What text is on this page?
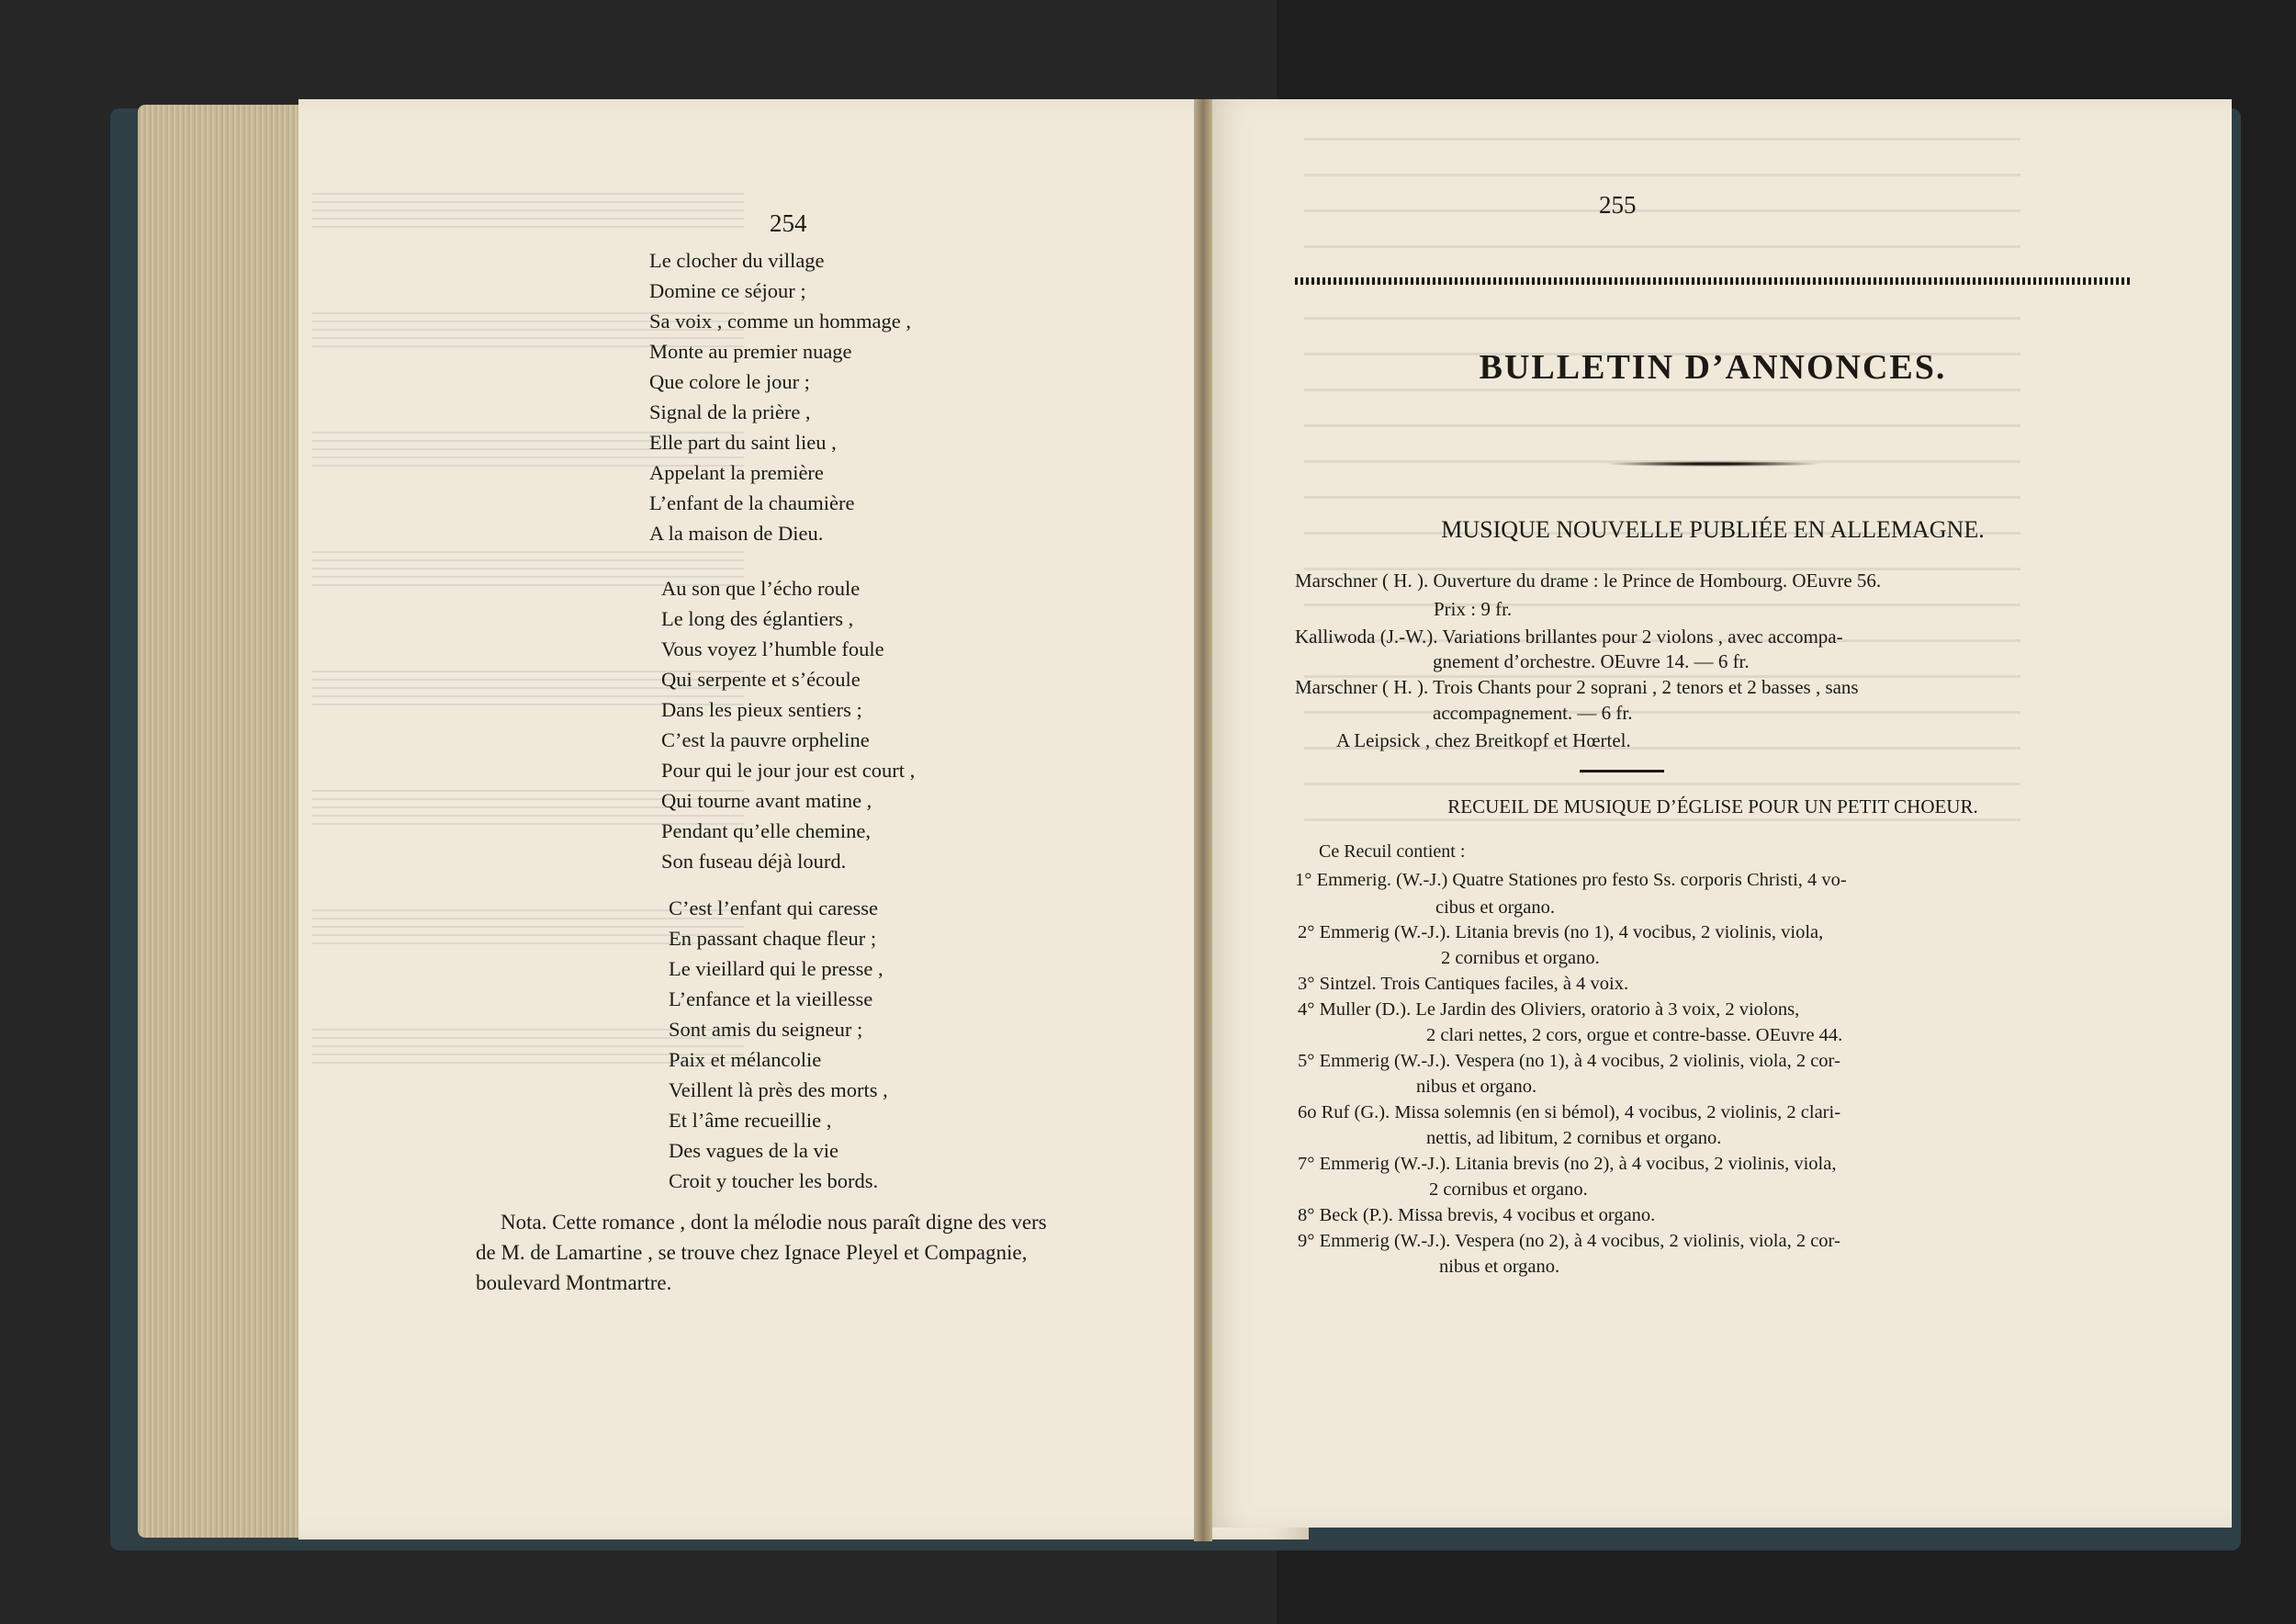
254
Le clocher du village
Domine ce séjour ;
Sa voix , comme un hommage ,
Monte au premier nuage
Que colore le jour ;
Signal de la prière ,
Elle part du saint lieu ,
Appelant la première
L’enfant de la chaumière
A la maison de Dieu.
Au son que l’écho roule
Le long des églantiers ,
Vous voyez l’humble foule
Qui serpente et s’écoule
Dans les pieux sentiers ;
C’est la pauvre orpheline
Pour qui le jour jour est court ,
Qui tourne avant matine ,
Pendant qu’elle chemine,
Son fuseau déjà lourd.
C’est l’enfant qui caresse
En passant chaque fleur ;
Le vieillard qui le presse ,
L’enfance et la vieillesse
Sont amis du seigneur ;
Paix et mélancolie
Veillent là près des morts ,
Et l’âme recueillie ,
Des vagues de la vie
Croit y toucher les bords.
Nota. Cette romance , dont la mélodie nous paraît digne des vers
de M. de Lamartine , se trouve chez Ignace Pleyel et Compagnie,
boulevard Montmartre.
255
BULLETIN D’ANNONCES.
MUSIQUE NOUVELLE PUBLIÉE EN ALLEMAGNE.
Marschner ( H. ). Ouverture du drame : le Prince de Hombourg. OEuvre 56.
Prix : 9 fr.
Kalliwoda (J.-W.). Variations brillantes pour 2 violons , avec accompa-
gnement d’orchestre. OEuvre 14. — 6 fr.
Marschner ( H. ). Trois Chants pour 2 soprani , 2 tenors et 2 basses , sans
accompagnement. — 6 fr.
A Leipsick , chez Breitkopf et Hœrtel.
RECUEIL DE MUSIQUE D’ÉGLISE POUR UN PETIT CHOEUR.
Ce Recuil contient :
1° Emmerig. (W.-J.) Quatre Stationes pro festo Ss. corporis Christi, 4 vo-
cibus et organo.
2° Emmerig (W.-J.). Litania brevis (no 1), 4 vocibus, 2 violinis, viola,
2 cornibus et organo.
3° Sintzel. Trois Cantiques faciles, à 4 voix.
4° Muller (D.). Le Jardin des Oliviers, oratorio à 3 voix, 2 violons,
2 clari nettes, 2 cors, orgue et contre-basse. OEuvre 44.
5° Emmerig (W.-J.). Vespera (no 1), à 4 vocibus, 2 violinis, viola, 2 cor-
nibus et organo.
6o Ruf (G.). Missa solemnis (en si bémol), 4 vocibus, 2 violinis, 2 clari-
nettis, ad libitum, 2 cornibus et organo.
7° Emmerig (W.-J.). Litania brevis (no 2), à 4 vocibus, 2 violinis, viola,
2 cornibus et organo.
8° Beck (P.). Missa brevis, 4 vocibus et organo.
9° Emmerig (W.-J.). Vespera (no 2), à 4 vocibus, 2 violinis, viola, 2 cor-
nibus et organo.
